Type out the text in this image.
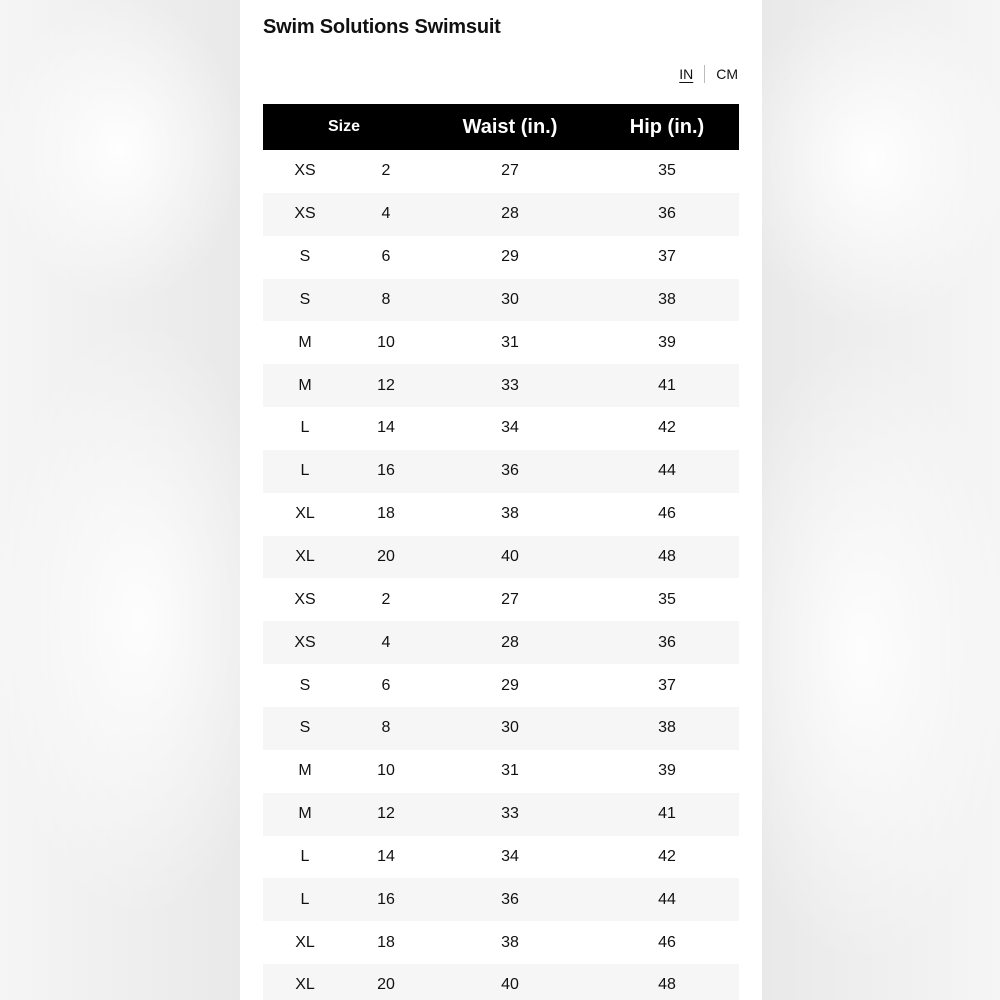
Swim Solutions Swimsuit
IN CM
Size	Waist (in.)	Hip (in.)
XS	2	27	35
XS	4	28	36
S	6	29	37
S	8	30	38
M	10	31	39
M	12	33	41
L	14	34	42
L	16	36	44
XL	18	38	46
XL	20	40	48
XS	2	27	35
XS	4	28	36
S	6	29	37
S	8	30	38
M	10	31	39
M	12	33	41
L	14	34	42
L	16	36	44
XL	18	38	46
XL	20	40	48
